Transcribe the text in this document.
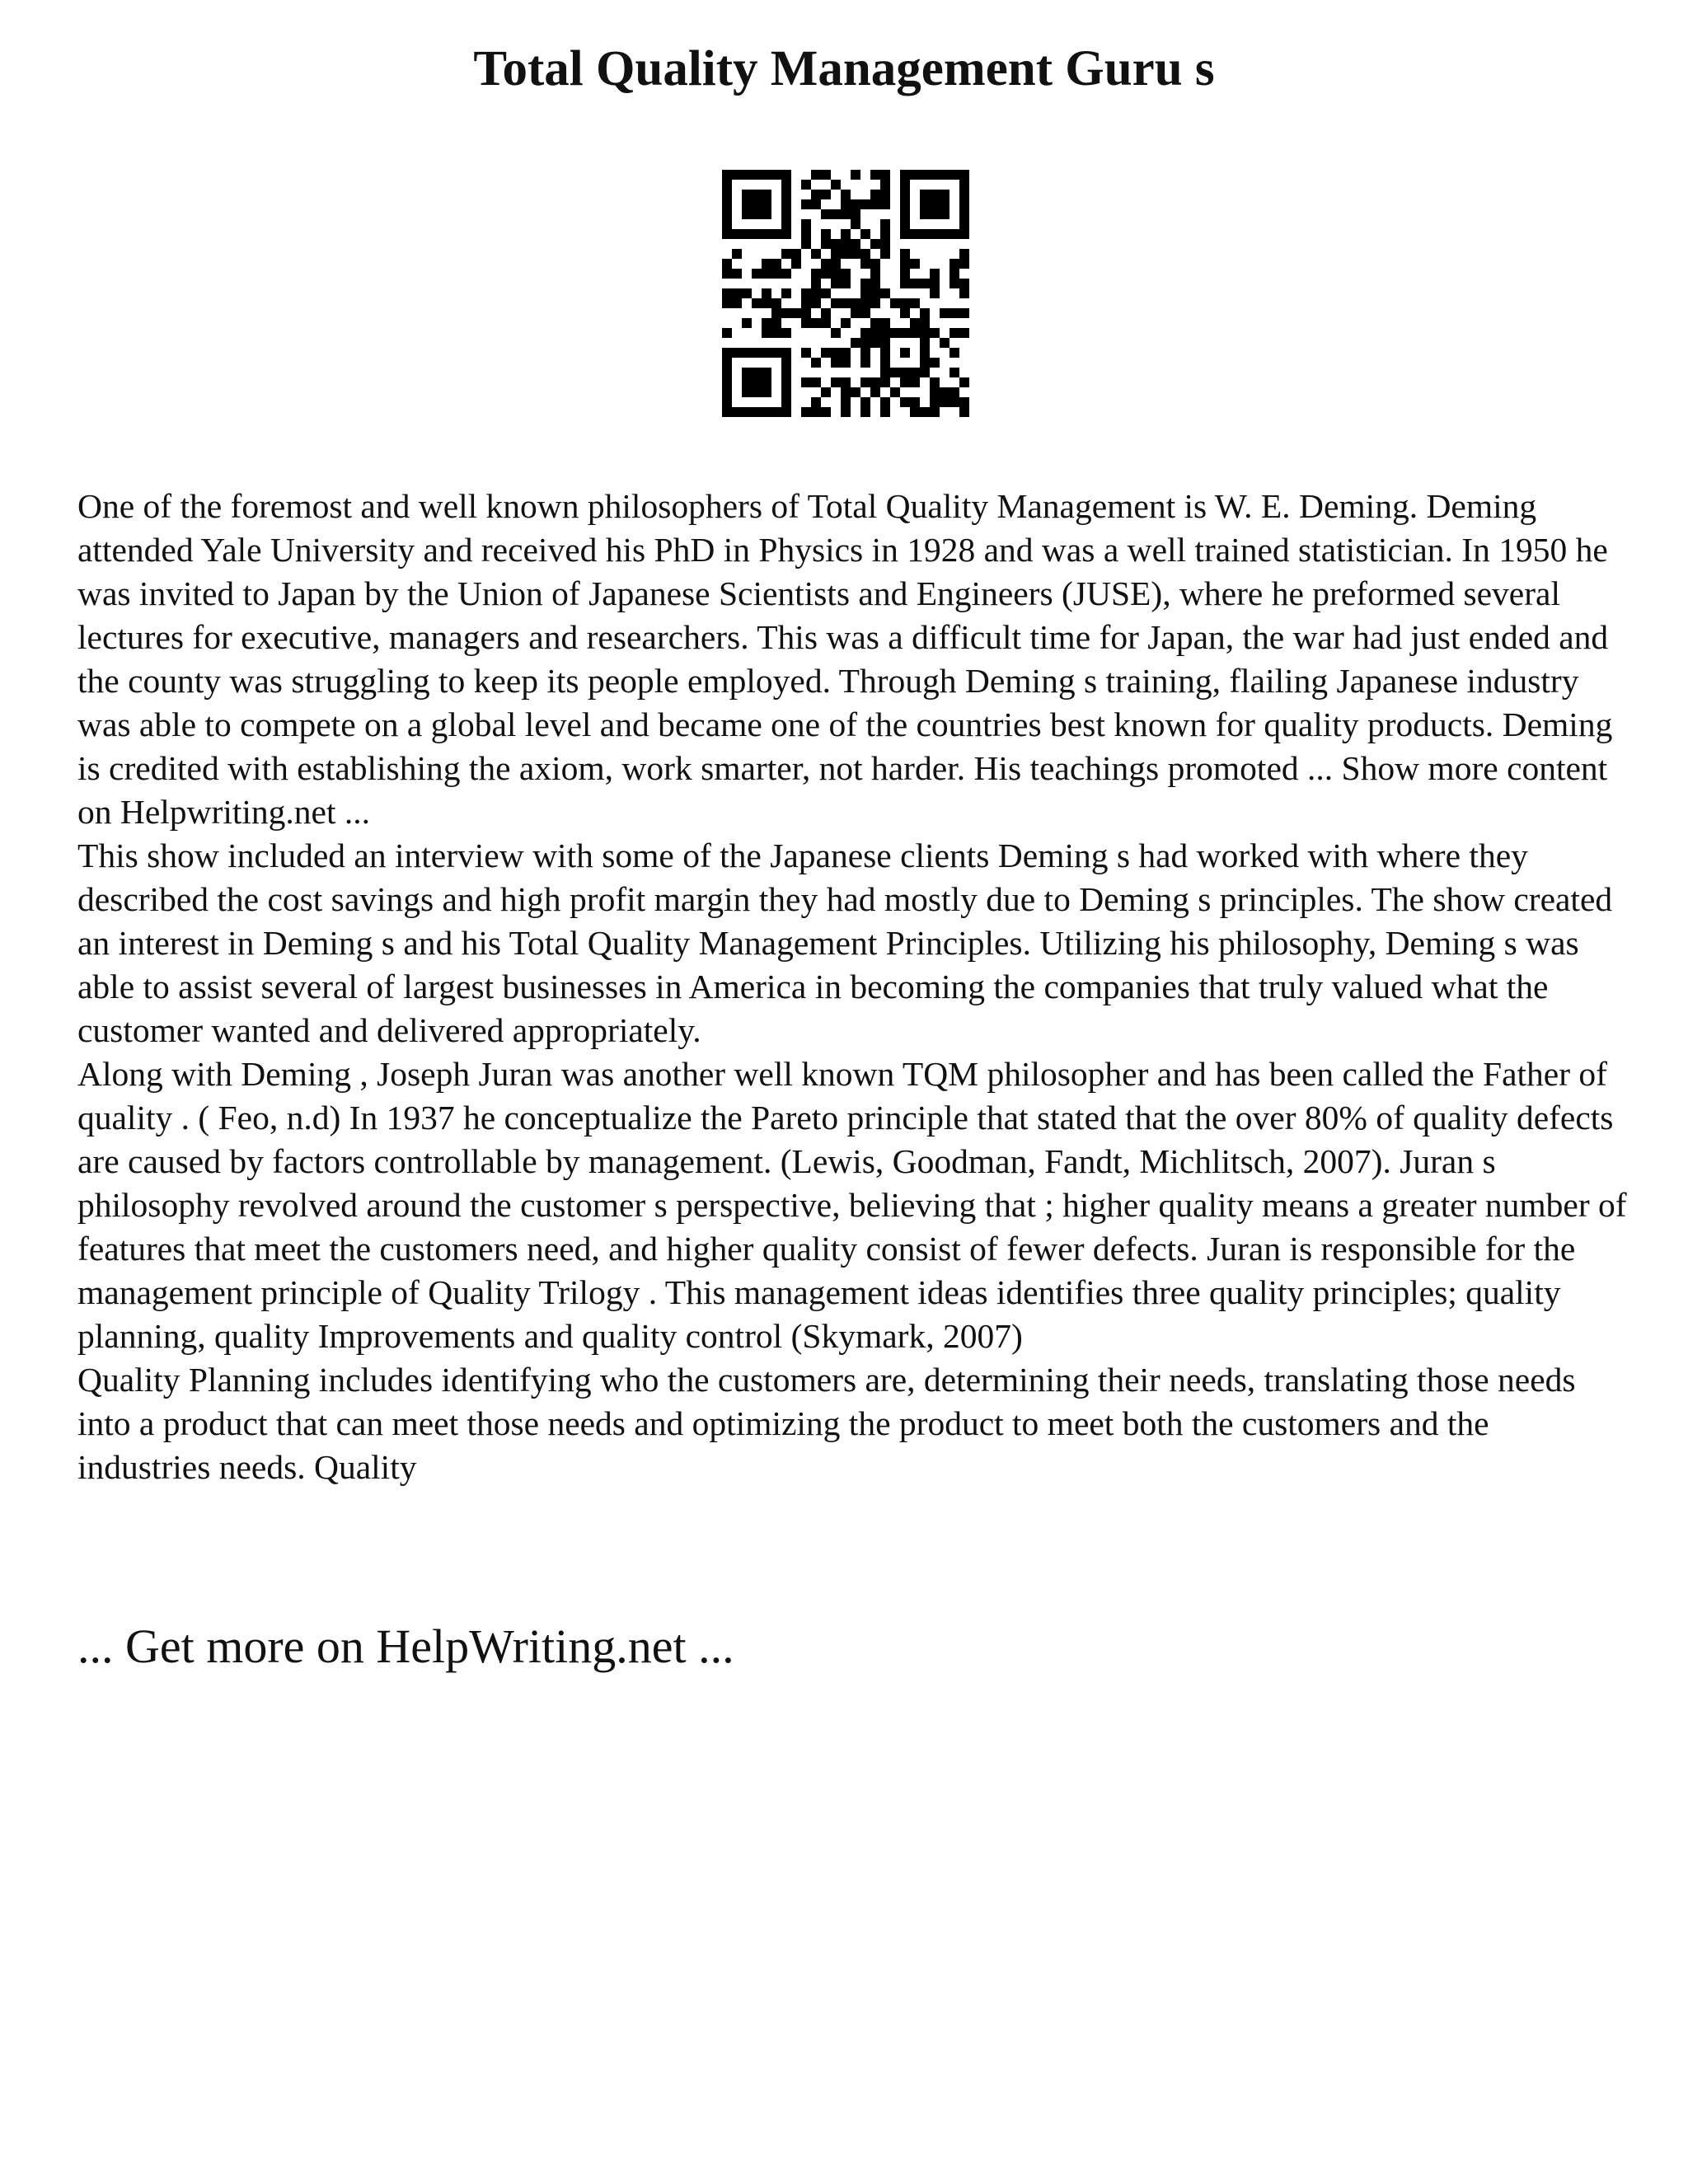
Total Quality Management Guru s

One of the foremost and well known philosophers of Total Quality Management is W. E. Deming. Deming attended Yale University and received his PhD in Physics in 1928 and was a well trained statistician. In 1950 he was invited to Japan by the Union of Japanese Scientists and Engineers (JUSE), where he preformed several lectures for executive, managers and researchers. This was a difficult time for Japan, the war had just ended and the county was struggling to keep its people employed. Through Deming s training, flailing Japanese industry was able to compete on a global level and became one of the countries best known for quality products. Deming is credited with establishing the axiom, work smarter, not harder. His teachings promoted ... Show more content on Helpwriting.net ...

This show included an interview with some of the Japanese clients Deming s had worked with where they described the cost savings and high profit margin they had mostly due to Deming s principles. The show created an interest in Deming s and his Total Quality Management Principles. Utilizing his philosophy, Deming s was able to assist several of largest businesses in America in becoming the companies that truly valued what the customer wanted and delivered appropriately.

Along with Deming , Joseph Juran was another well known TQM philosopher and has been called the Father of quality . ( Feo, n.d) In 1937 he conceptualize the Pareto principle that stated that the over 80% of quality defects are caused by factors controllable by management. (Lewis, Goodman, Fandt, Michlitsch, 2007). Juran s philosophy revolved around the customer s perspective, believing that ; higher quality means a greater number of features that meet the customers need, and higher quality consist of fewer defects. Juran is responsible for the management principle of Quality Trilogy . This management ideas identifies three quality principles; quality planning, quality Improvements and quality control (Skymark, 2007)

Quality Planning includes identifying who the customers are, determining their needs, translating those needs into a product that can meet those needs and optimizing the product to meet both the customers and the industries needs. Quality

... Get more on HelpWriting.net ...
